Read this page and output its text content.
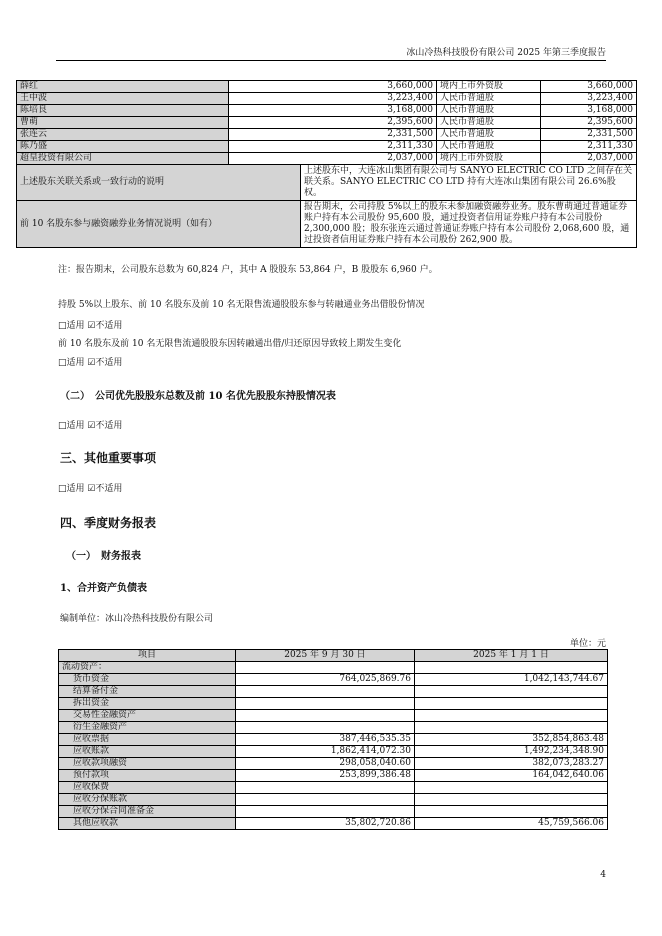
冰山冷热科技股份有限公司 2025 年第三季度报告
薛红	3,660,000		境内上市外资股	3,660,000
王中波	3,223,400		人民币普通股	3,223,400
陈培良	3,168,000		人民币普通股	3,168,000
曹萌	2,395,600		人民币普通股	2,395,600
张连云	2,331,500		人民币普通股	2,331,500
陈乃盛	2,311,330		人民币普通股	2,311,330
超皇投资有限公司	2,037,000		境内上市外资股	2,037,000
上述股东关联关系或一致行动的说明		上述股东中，大连冰山集团有限公司与 SANYO ELECTRIC CO LTD 之间存在关联关系。SANYO ELECTRIC CO LTD 持有大连冰山集团有限公司 26.6%股权。		
前 10 名股东参与融资融券业务情况说明（如有）		报告期末，公司持股 5%以上的股东未参加融资融券业务。股东曹萌通过普通证券账户持有本公司股份 95,600 股，通过投资者信用证券账户持有本公司股份 2,300,000 股；股东张连云通过普通证券账户持有本公司股份 2,068,600 股，通过投资者信用证券账户持有本公司股份 262,900 股。		
注：报告期末，公司股东总数为 60,824 户，其中 A 股股东 53,864 户，B 股股东 6,960 户。
持股 5%以上股东、前 10 名股东及前 10 名无限售流通股股东参与转融通业务出借股份情况
□适用 ☑不适用
前 10 名股东及前 10 名无限售流通股股东因转融通出借/归还原因导致较上期发生变化
□适用 ☑不适用
（二）　公司优先股股东总数及前 10 名优先股股东持股情况表
□适用 ☑不适用
三、其他重要事项
□适用 ☑不适用
四、季度财务报表
（一）　财务报表
1、合并资产负债表
编制单位：冰山冷热科技股份有限公司
单位：元
项目	2025 年 9 月 30 日	2025 年 1 月 1 日
流动资产：		
货币资金	764,025,869.76	1,042,143,744.67
结算备付金		
拆出资金		
交易性金融资产		
衍生金融资产		
应收票据	387,446,535.35	352,854,863.48
应收账款	1,862,414,072.30	1,492,234,348.90
应收款项融资	298,058,040.60	382,073,283.27
预付款项	253,899,386.48	164,042,640.06
应收保费		
应收分保账款		
应收分保合同准备金		
其他应收款	35,802,720.86	45,759,566.06
4
